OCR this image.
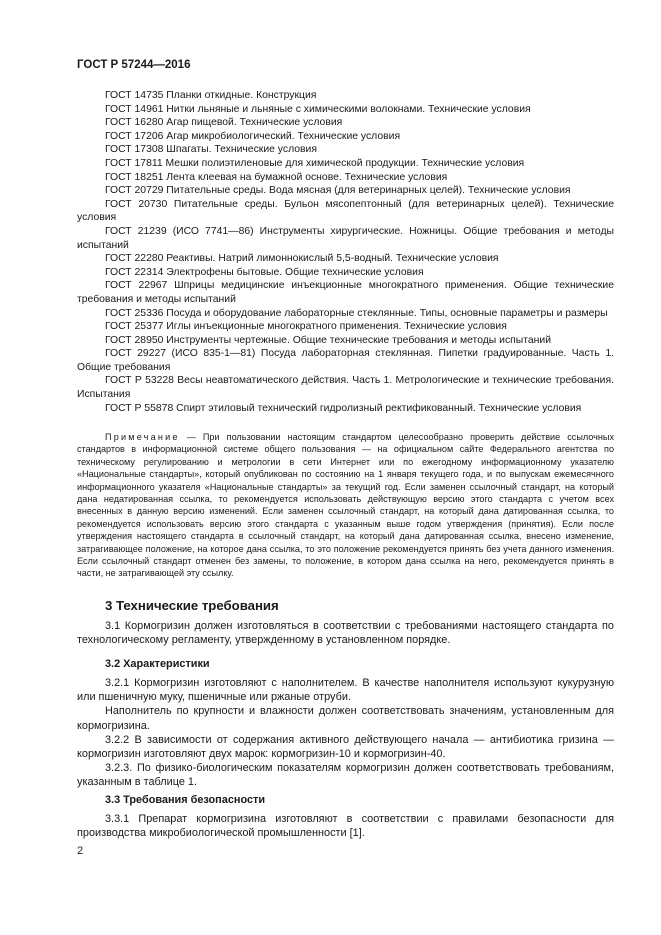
ГОСТ Р 57244—2016
ГОСТ 14735 Планки откидные. Конструкция
ГОСТ 14961 Нитки льняные и льняные с химическими волокнами. Технические условия
ГОСТ 16280 Агар пищевой. Технические условия
ГОСТ 17206 Агар микробиологический. Технические условия
ГОСТ 17308 Шпагаты. Технические условия
ГОСТ 17811 Мешки полиэтиленовые для химической продукции. Технические условия
ГОСТ 18251 Лента клеевая на бумажной основе. Технические условия
ГОСТ 20729 Питательные среды. Вода мясная (для ветеринарных целей). Технические условия
ГОСТ 20730 Питательные среды. Бульон мясопептонный (для ветеринарных целей). Технические условия
ГОСТ 21239 (ИСО 7741—86) Инструменты хирургические. Ножницы. Общие требования и методы испытаний
ГОСТ 22280 Реактивы. Натрий лимоннокислый 5,5-водный. Технические условия
ГОСТ 22314 Электрофены бытовые. Общие технические условия
ГОСТ 22967 Шприцы медицинские инъекционные многократного применения. Общие технические требования и методы испытаний
ГОСТ 25336 Посуда и оборудование лабораторные стеклянные. Типы, основные параметры и размеры
ГОСТ 25377 Иглы инъекционные многократного применения. Технические условия
ГОСТ 28950 Инструменты чертежные. Общие технические требования и методы испытаний
ГОСТ 29227 (ИСО 835-1—81) Посуда лабораторная стеклянная. Пипетки градуированные. Часть 1. Общие требования
ГОСТ Р 53228 Весы неавтоматического действия. Часть 1. Метрологические и технические требования. Испытания
ГОСТ Р 55878 Спирт этиловый технический гидролизный ректификованный. Технические условия
Примечание — При пользовании настоящим стандартом целесообразно проверить действие ссылочных стандартов в информационной системе общего пользования — на официальном сайте Федерального агентства по техническому регулированию и метрологии в сети Интернет или по ежегодному информационному указателю «Национальные стандарты», который опубликован по состоянию на 1 января текущего года, и по выпускам ежемесячного информационного указателя «Национальные стандарты» за текущий год. Если заменен ссылочный стандарт, на который дана недатированная ссылка, то рекомендуется использовать действующую версию этого стандарта с учетом всех внесенных в данную версию изменений. Если заменен ссылочный стандарт, на который дана датированная ссылка, то рекомендуется использовать версию этого стандарта с указанным выше годом утверждения (принятия). Если после утверждения настоящего стандарта в ссылочный стандарт, на который дана датированная ссылка, внесено изменение, затрагивающее положение, на которое дана ссылка, то это положение рекомендуется принять без учета данного изменения. Если ссылочный стандарт отменен без замены, то положение, в котором дана ссылка на него, рекомендуется принять в части, не затрагивающей эту ссылку.
3 Технические требования
3.1 Кормогризин должен изготовляться в соответствии с требованиями настоящего стандарта по технологическому регламенту, утвержденному в установленном порядке.
3.2 Характеристики
3.2.1 Кормогризин изготовляют с наполнителем. В качестве наполнителя используют кукурузную или пшеничную муку, пшеничные или ржаные отруби.
Наполнитель по крупности и влажности должен соответствовать значениям, установленным для кормогризина.
3.2.2 В зависимости от содержания активного действующего начала — антибиотика гризина — кормогризин изготовляют двух марок: кормогризин-10 и кормогризин-40.
3.2.3. По физико-биологическим показателям кормогризин должен соответствовать требованиям, указанным в таблице 1.
3.3 Требования безопасности
3.3.1 Препарат кормогризина изготовляют в соответствии с правилами безопасности для производства микробиологической промышленности [1].
2
